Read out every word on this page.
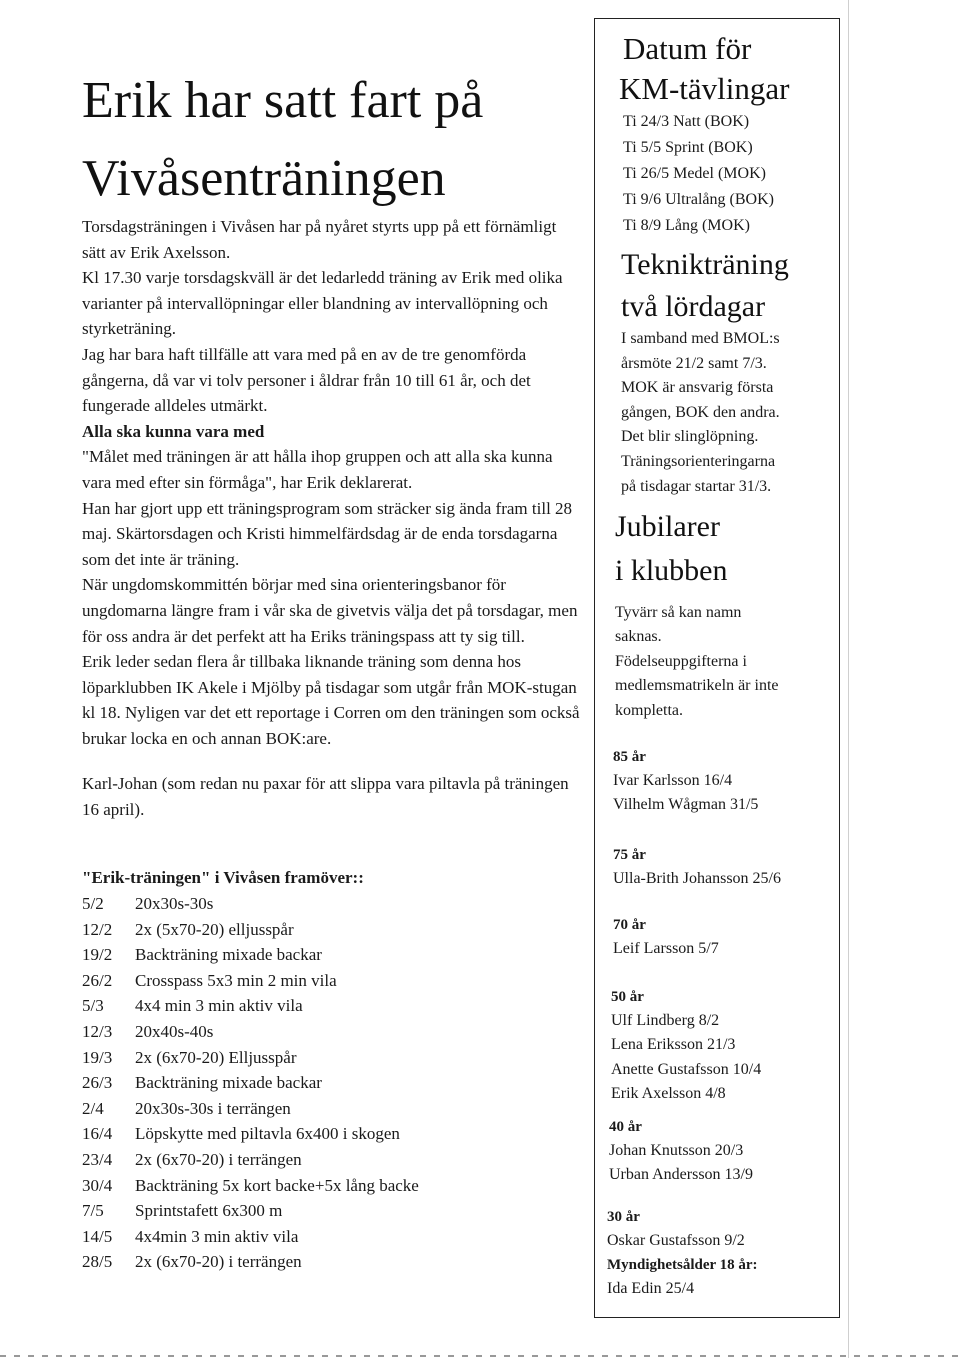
Erik har satt fart på
Vivåsenträningen

Torsdagsträningen i Vivåsen har på nyåret styrts upp på ett förnämligt sätt av Erik Axelsson.

Kl 17.30 varje torsdagskväll är det ledarledd träning av Erik med olika varianter på intervallöpningar eller blandning av intervallöpning och styrketräning.

Jag har bara haft tillfälle att vara med på en av de tre genomförda gångerna, då var vi tolv personer i åldrar från 10 till 61 år, och det fungerade alldeles utmärkt.

Alla ska kunna vara med

"Målet med träningen är att hålla ihop gruppen och att alla ska kunna vara med efter sin förmåga", har Erik deklarerat.

Han har gjort upp ett träningsprogram som sträcker sig ända fram till 28 maj. Skärtorsdagen och Kristi himmelfärdsdag är de enda torsdagarna som det inte är träning.

När ungdomskommittén börjar med sina orienteringsbanor för ungdomarna längre fram i vår ska de givetvis välja det på torsdagar, men för oss andra är det perfekt att ha Eriks träningspass att ty sig till.

Erik leder sedan flera år tillbaka liknande träning som denna hos löparklubben IK Akele i Mjölby på tisdagar som utgår från MOK-stugan kl 18. Nyligen var det ett reportage i Corren om den träningen som också brukar locka en och annan BOK:are.

Karl-Johan (som redan nu paxar för att slippa vara piltavla på träningen 16 april).

"Erik-träningen" i Vivåsen framöver::
5/2	20x30s-30s
12/2	2x (5x70-20) elljusspår
19/2	Backträning mixade backar
26/2	Crosspass 5x3 min 2 min vila
5/3	4x4 min 3 min aktiv vila
12/3	20x40s-40s
19/3	2x (6x70-20) Elljusspår
26/3	Backträning mixade backar
2/4	20x30s-30s i terrängen
16/4	Löpskytte med piltavla 6x400 i skogen
23/4	2x (6x70-20) i terrängen
30/4	Backträning 5x kort backe+5x lång backe
7/5	Sprintstafett 6x300 m
14/5	4x4min 3 min aktiv vila
28/5	2x (6x70-20) i terrängen

Datum för

KM-tävlingar

Ti 24/3 Natt (BOK)

Ti 5/5 Sprint (BOK)

Ti 26/5 Medel (MOK)

Ti 9/6 Ultralång (BOK)

Ti 8/9 Lång (MOK)

Teknikträning

två lördagar

I samband med BMOL:s

årsmöte 21/2 samt 7/3.

MOK är ansvarig första

gången, BOK den andra.

Det blir slinglöpning.

Träningsorienteringarna

på tisdagar startar 31/3.

Jubilarer

i klubben

Tyvärr så kan namn

saknas.

Födelseuppgifterna i

medlemsmatrikeln är inte

kompletta.

85 år

Ivar Karlsson 16/4

Vilhelm Wågman 31/5

75 år

Ulla-Brith Johansson 25/6

70 år

Leif Larsson 5/7

50 år

Ulf Lindberg 8/2

Lena Eriksson 21/3

Anette Gustafsson 10/4

Erik Axelsson 4/8

40 år

Johan Knutsson 20/3

Urban Andersson 13/9

30 år

Oskar Gustafsson 9/2

Myndighetsålder 18 år:

Ida Edin 25/4
